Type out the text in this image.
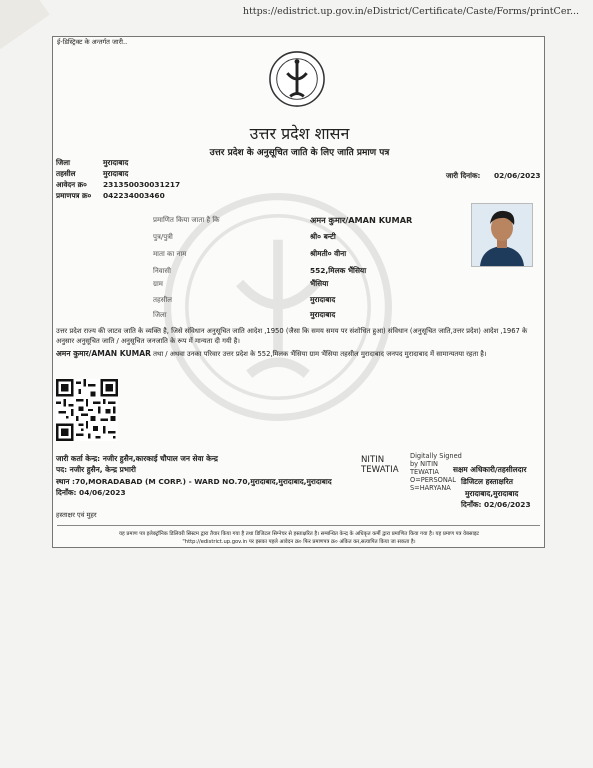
https://edistrict.up.gov.in/eDistrict/Certificate/Caste/Forms/printCer...
ई-डिस्ट्रिक्ट के अन्तर्गत जारी..
उत्तर प्रदेश शासन
उत्तर प्रदेश के अनुसूचित जाति के लिए जाति प्रमाण पत्र
जिला	मुरादाबाद
तहसील	मुरादाबाद
आवेदन क्र० 231350030031217
प्रमाणपत्र क्र० 042234003460
जारी दिनांक: 02/06/2023
प्रमाणित किया जाता है कि	अमन कुमार/AMAN KUMAR
पुत्र/पुत्री	श्री० बन्टी
माता का नाम	श्रीमती० वीना
निवासी	552,मिलक भैंसिया
ग्राम	भैंसिया
तहसील	मुरादाबाद
जिला	मुरादाबाद
उत्तर प्रदेश राज्य की जाटव जाति के व्यक्ति है, जिसे संविधान अनुसूचित जाति आदेश ,1950 (जैसा कि समय समय पर संशोधित हुआ) संविधान (अनुसूचित जाति,उत्तर प्रदेश) आदेश ,1967 के अनुसार अनुसूचित जाति / अनुसूचित जनजाति के रूप में मान्यता दी गयी है।
अमन कुमार/AMAN KUMAR तथा / अथवा उनका परिवार उत्तर प्रदेश के 552,मिलक भैंसिया ग्राम भैंसिया तहसील मुरादाबाद जनपद मुरादाबाद में सामान्यतया रहता है।
जारी कर्ता केन्द्र: नजीर हुसैन,कारकाई चौपाल जन सेवा केन्द्र
पद: नजीर हुसैन, केन्द्र प्रभारी
स्थान :70,MORADABAD (M CORP.) - WARD NO.70,मुरादाबाद,मुरादाबाद,मुरादाबाद
दिनाँक: 04/06/2023
NITIN
TEWATIA
Digitally Signed
by NITIN
TEWATIA
O=PERSONAL
S=HARYANA
सक्षम अधिकारी/तहसीलदार
डिजिटल हस्ताक्षरित
मुरादाबाद,मुरादाबाद
दिनाँक: 02/06/2023
हस्ताक्षर एवं मुहर
यह प्रमाण पत्र इलेक्ट्रॉनिक डिलिवरी सिस्टम द्वारा तैयार किया गया है तथा डिजिटल सिग्नेचर से हस्ताक्षरित है। सम्बन्धित केन्द्र के अधिकृत कर्मी द्वारा प्रमाणित किया गया है। यह प्रमाण पत्र वेबसाइट
"http://edistrict.up.gov.in पर इसका पहले आवेदन क्र० फिर प्रमाणपत्र क्र० अंकित कर,सत्यापित किया जा सकता है।
